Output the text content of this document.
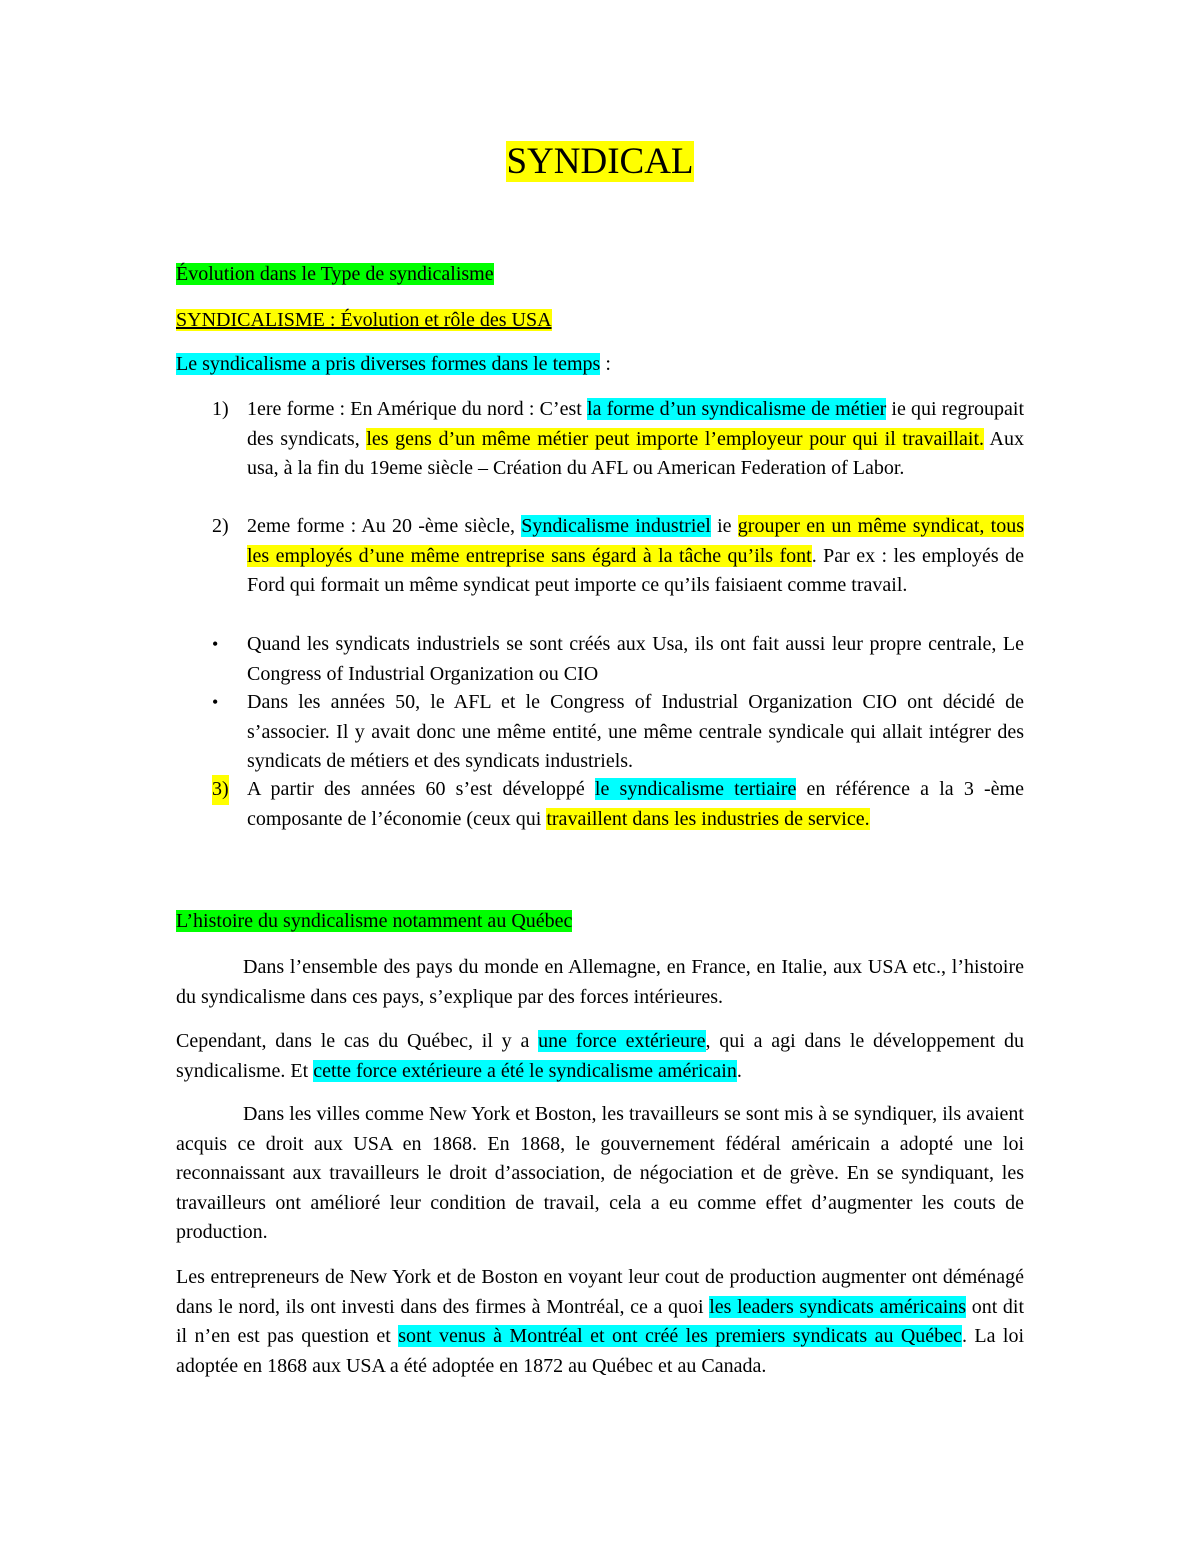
SYNDICAL
Évolution dans le Type de syndicalisme
SYNDICALISME : Évolution et rôle des USA
Le syndicalisme a pris diverses formes dans le temps :
1) 1ere forme : En Amérique du nord : C’est la forme d’un syndicalisme de métier ie qui regroupait des syndicats, les gens d’un même métier peut importe l’employeur pour qui il travaillait. Aux usa, à la fin du 19eme siècle – Création du AFL ou American Federation of Labor.
2) 2eme forme : Au 20 -ème siècle, Syndicalisme industriel ie grouper en un même syndicat, tous les employés d’une même entreprise sans égard à la tâche qu’ils font. Par ex : les employés de Ford qui formait un même syndicat peut importe ce qu’ils faisiaent comme travail.
•	Quand les syndicats industriels se sont créés aux Usa, ils ont fait aussi leur propre centrale, Le Congress of Industrial Organization ou CIO
•	Dans les années 50, le AFL et le Congress of Industrial Organization CIO ont décidé de s’associer. Il y avait donc une même entité, une même centrale syndicale qui allait intégrer des syndicats de métiers et des syndicats industriels.
3) A partir des années 60 s’est développé le syndicalisme tertiaire en référence a la 3 -ème composante de l’économie (ceux qui travaillent dans les industries de service.
L’histoire du syndicalisme notamment au Québec
Dans l’ensemble des pays du monde en Allemagne, en France, en Italie, aux USA etc., l’histoire du syndicalisme dans ces pays, s’explique par des forces intérieures.
Cependant, dans le cas du Québec, il y a une force extérieure, qui a agi dans le développement du syndicalisme. Et cette force extérieure a été le syndicalisme américain.
Dans les villes comme New York et Boston, les travailleurs se sont mis à se syndiquer, ils avaient acquis ce droit aux USA en 1868. En 1868, le gouvernement fédéral américain a adopté une loi reconnaissant aux travailleurs le droit d’association, de négociation et de grève. En se syndiquant, les travailleurs ont amélioré leur condition de travail, cela a eu comme effet d’augmenter les couts de production.
Les entrepreneurs de New York et de Boston en voyant leur cout de production augmenter ont déménagé dans le nord, ils ont investi dans des firmes à Montréal, ce a quoi les leaders syndicats américains ont dit il n’en est pas question et sont venus à Montréal et ont créé les premiers syndicats au Québec. La loi adoptée en 1868 aux USA a été adoptée en 1872 au Québec et au Canada.
